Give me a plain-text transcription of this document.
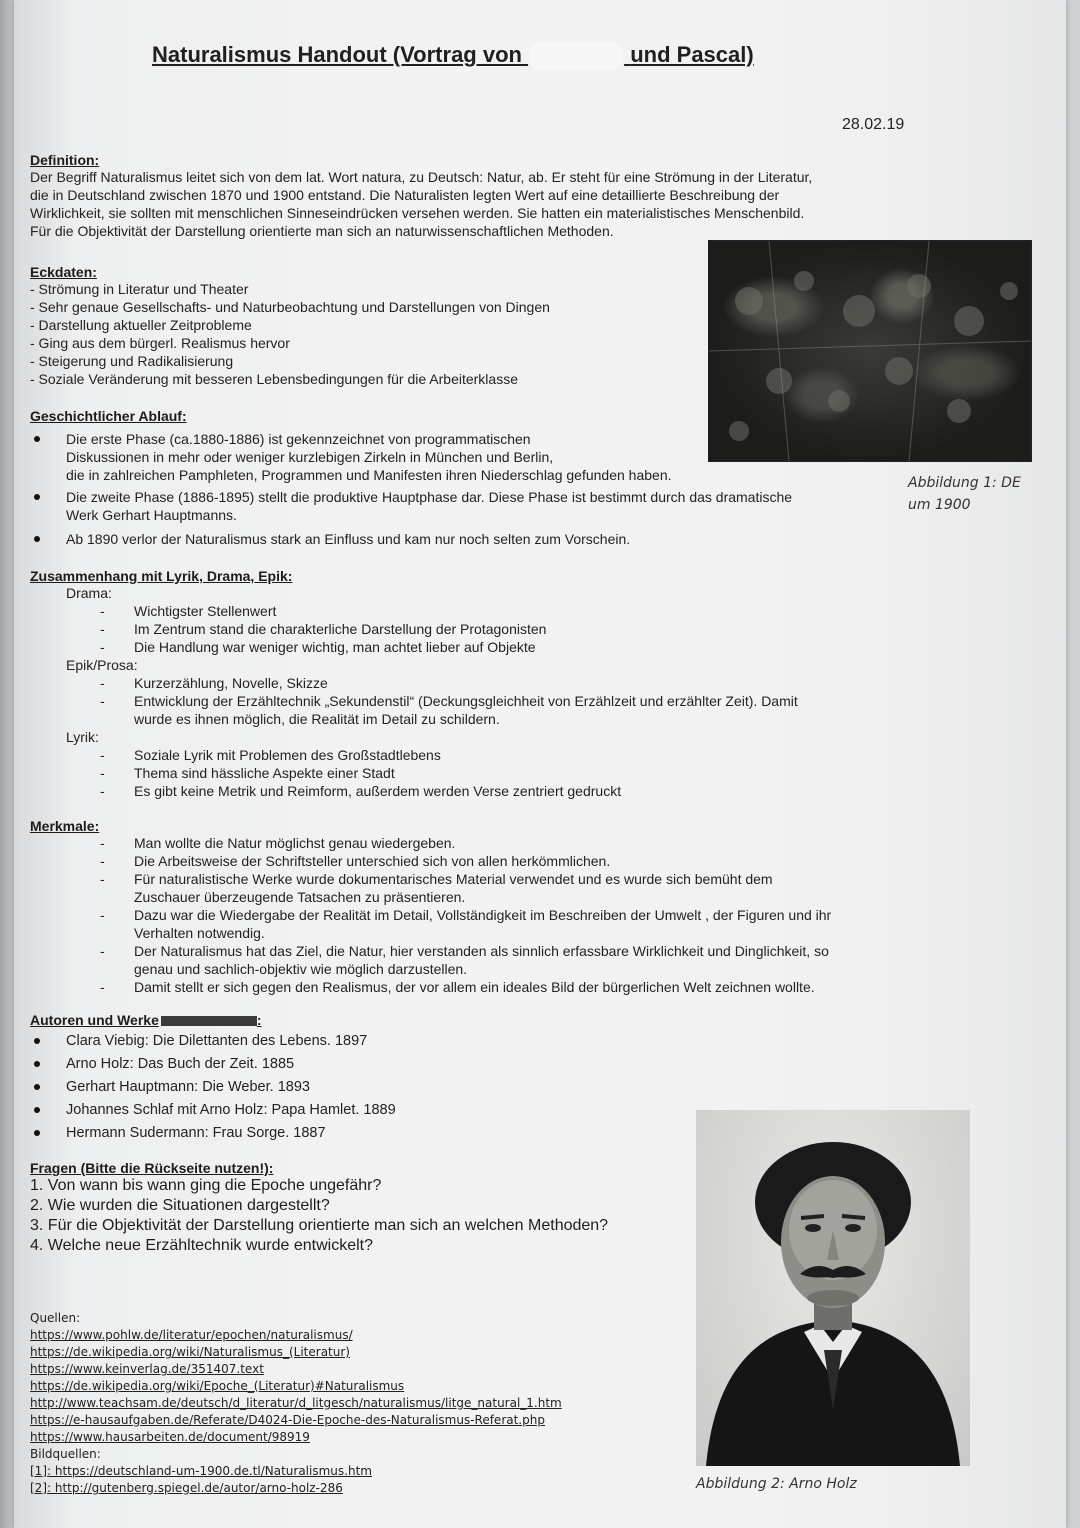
Naturalismus Handout (Vortrag von	und Pascal)
28.02.19
Definition:
Der Begriff Naturalismus leitet sich von dem lat. Wort natura, zu Deutsch: Natur, ab. Er steht für eine Strömung in der Literatur,
die in Deutschland zwischen 1870 und 1900 entstand. Die Naturalisten legten Wert auf eine detaillierte Beschreibung der
Wirklichkeit, sie sollten mit menschlichen Sinneseindrücken versehen werden. Sie hatten ein materialistisches Menschenbild.
Für die Objektivität der Darstellung orientierte man sich an naturwissenschaftlichen Methoden.
Abbildung 1: DE
um 1900
Eckdaten:
- Strömung in Literatur und Theater
- Sehr genaue Gesellschafts- und Naturbeobachtung und Darstellungen von Dingen
- Darstellung aktueller Zeitprobleme
- Ging aus dem bürgerl. Realismus hervor
- Steigerung und Radikalisierung
- Soziale Veränderung mit besseren Lebensbedingungen für die Arbeiterklasse
Geschichtlicher Ablauf:
Die erste Phase (ca.1880-1886) ist gekennzeichnet von programmatischen
Diskussionen in mehr oder weniger kurzlebigen Zirkeln in München und Berlin,
die in zahlreichen Pamphleten, Programmen und Manifesten ihren Niederschlag gefunden haben.
Die zweite Phase (1886-1895) stellt die produktive Hauptphase dar. Diese Phase ist bestimmt durch das dramatische
Werk Gerhart Hauptmanns.
Ab 1890 verlor der Naturalismus stark an Einfluss und kam nur noch selten zum Vorschein.
Zusammenhang mit Lyrik, Drama, Epik:
Drama:
- Wichtigster Stellenwert
- Im Zentrum stand die charakterliche Darstellung der Protagonisten
- Die Handlung war weniger wichtig, man achtet lieber auf Objekte
Epik/Prosa:
- Kurzerzählung, Novelle, Skizze
- Entwicklung der Erzähltechnik „Sekundenstil“ (Deckungsgleichheit von Erzählzeit und erzählter Zeit). Damit
wurde es ihnen möglich, die Realität im Detail zu schildern.
Lyrik:
- Soziale Lyrik mit Problemen des Großstadtlebens
- Thema sind hässliche Aspekte einer Stadt
- Es gibt keine Metrik und Reimform, außerdem werden Verse zentriert gedruckt
Merkmale:
- Man wollte die Natur möglichst genau wiedergeben.
- Die Arbeitsweise der Schriftsteller unterschied sich von allen herkömmlichen.
- Für naturalistische Werke wurde dokumentarisches Material verwendet und es wurde sich bemüht dem
Zuschauer überzeugende Tatsachen zu präsentieren.
- Dazu war die Wiedergabe der Realität im Detail, Vollständigkeit im Beschreiben der Umwelt , der Figuren und ihr
Verhalten notwendig.
- Der Naturalismus hat das Ziel, die Natur, hier verstanden als sinnlich erfassbare Wirklichkeit und Dinglichkeit, so
genau und sachlich-objektiv wie möglich darzustellen.
- Damit stellt er sich gegen den Realismus, der vor allem ein ideales Bild der bürgerlichen Welt zeichnen wollte.
Autoren und Werke	:
Clara Viebig: Die Dilettanten des Lebens. 1897
Arno Holz: Das Buch der Zeit. 1885
Gerhart Hauptmann: Die Weber. 1893
Johannes Schlaf mit Arno Holz: Papa Hamlet. 1889
Hermann Sudermann: Frau Sorge. 1887
Fragen (Bitte die Rückseite nutzen!):
1. Von wann bis wann ging die Epoche ungefähr?
2. Wie wurden die Situationen dargestellt?
3. Für die Objektivität der Darstellung orientierte man sich an welchen Methoden?
4. Welche neue Erzähltechnik wurde entwickelt?
Abbildung 2: Arno Holz
Quellen:
https://www.pohlw.de/literatur/epochen/naturalismus/
https://de.wikipedia.org/wiki/Naturalismus_(Literatur)
https://www.keinverlag.de/351407.text
https://de.wikipedia.org/wiki/Epoche_(Literatur)#Naturalismus
http://www.teachsam.de/deutsch/d_literatur/d_litgesch/naturalismus/litge_natural_1.htm
https://e-hausaufgaben.de/Referate/D4024-Die-Epoche-des-Naturalismus-Referat.php
https://www.hausarbeiten.de/document/98919
Bildquellen:
[1]: https://deutschland-um-1900.de.tl/Naturalismus.htm
[2]: http://gutenberg.spiegel.de/autor/arno-holz-286
